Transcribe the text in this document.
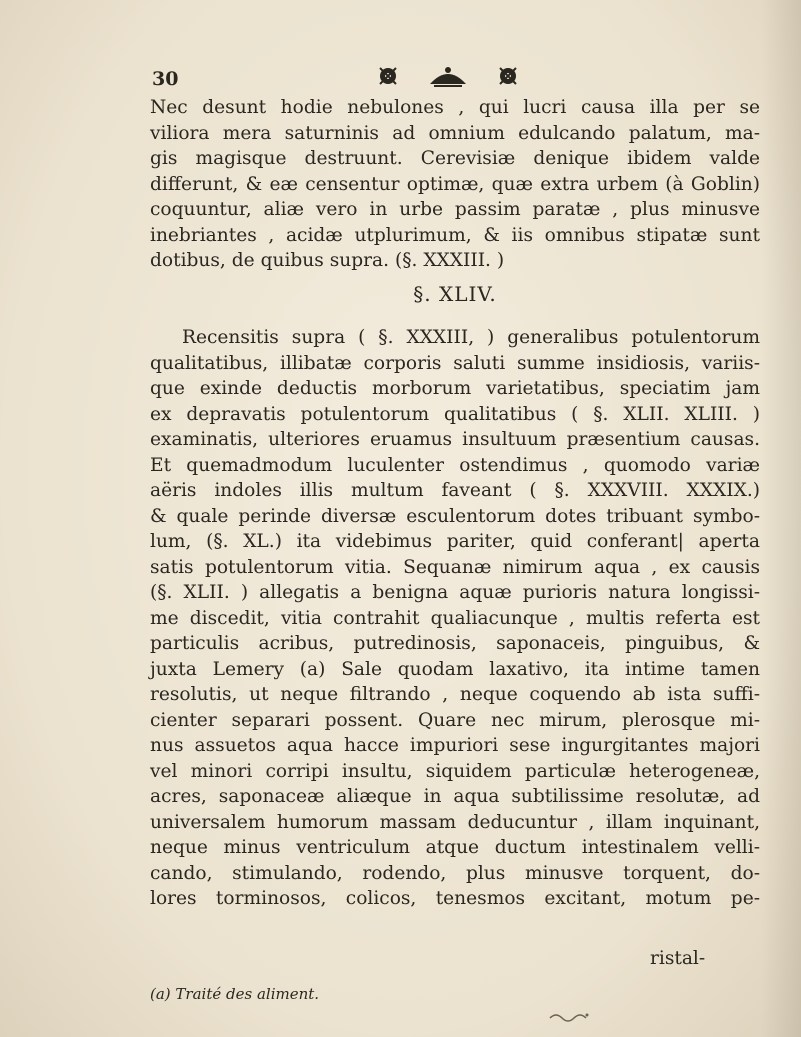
30
Nec desunt hodie nebulones , qui lucri causa illa per se
viliora mera saturninis ad omnium edulcando palatum, ma-
gis magisque destruunt. Cerevisiæ denique ibidem valde
differunt, & eæ censentur optimæ, quæ extra urbem (à Goblin)
coquuntur, aliæ vero in urbe passim paratæ , plus minusve
inebriantes , acidæ utplurimum, & iis omnibus stipatæ sunt
dotibus, de quibus supra. (§. XXXIII. )
§. XLIV.
Recensitis supra ( §. XXXIII, ) generalibus potulentorum
qualitatibus, illibatæ corporis saluti summe insidiosis, variis-
que exinde deductis morborum varietatibus, speciatim jam
ex depravatis potulentorum qualitatibus ( §. XLII. XLIII. )
examinatis, ulteriores eruamus insultuum præsentium causas.
Et quemadmodum luculenter ostendimus , quomodo variæ
aëris indoles illis multum faveant ( §. XXXVIII. XXXIX.)
& quale perinde diversæ esculentorum dotes tribuant symbo-
lum, (§. XL.) ita videbimus pariter, quid conferant| aperta
satis potulentorum vitia. Sequanæ nimirum aqua , ex causis
(§. XLII. ) allegatis a benigna aquæ purioris natura longissi-
me discedit, vitia contrahit qualiacunque , multis referta est
particulis acribus, putredinosis, saponaceis, pinguibus, &
juxta Lemery (a) Sale quodam laxativo, ita intime tamen
resolutis, ut neque filtrando , neque coquendo ab ista suffi-
cienter separari possent. Quare nec mirum, plerosque mi-
nus assuetos aqua hacce impuriori sese ingurgitantes majori
vel minori corripi insultu, siquidem particulæ heterogeneæ,
acres, saponaceæ aliæque in aqua subtilissime resolutæ, ad
universalem humorum massam deducuntur , illam inquinant,
neque minus ventriculum atque ductum intestinalem velli-
cando, stimulando, rodendo, plus minusve torquent, do-
lores torminosos, colicos, tenesmos excitant, motum pe-
ristal-
(a) Traité des aliment.
